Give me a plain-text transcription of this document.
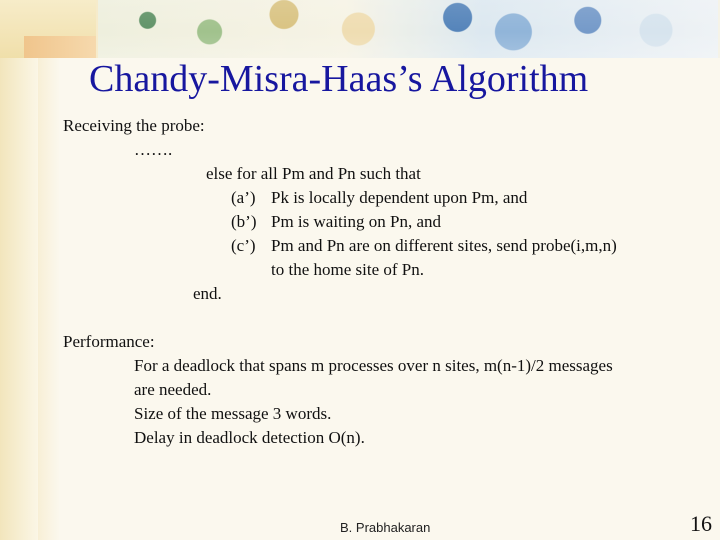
Chandy-Misra-Haas’s Algorithm
Receiving the probe:
…….
else for all Pm and Pn such that
(a’) Pk is locally dependent upon Pm, and
(b’) Pm is waiting on Pn, and
(c’) Pm and Pn are on different sites, send probe(i,m,n)
to the home site of Pn.
end.
Performance:
For a deadlock that spans m processes over n sites, m(n-1)/2 messages
are needed.
Size of the message 3 words.
Delay in deadlock detection O(n).
B. Prabhakaran	16
